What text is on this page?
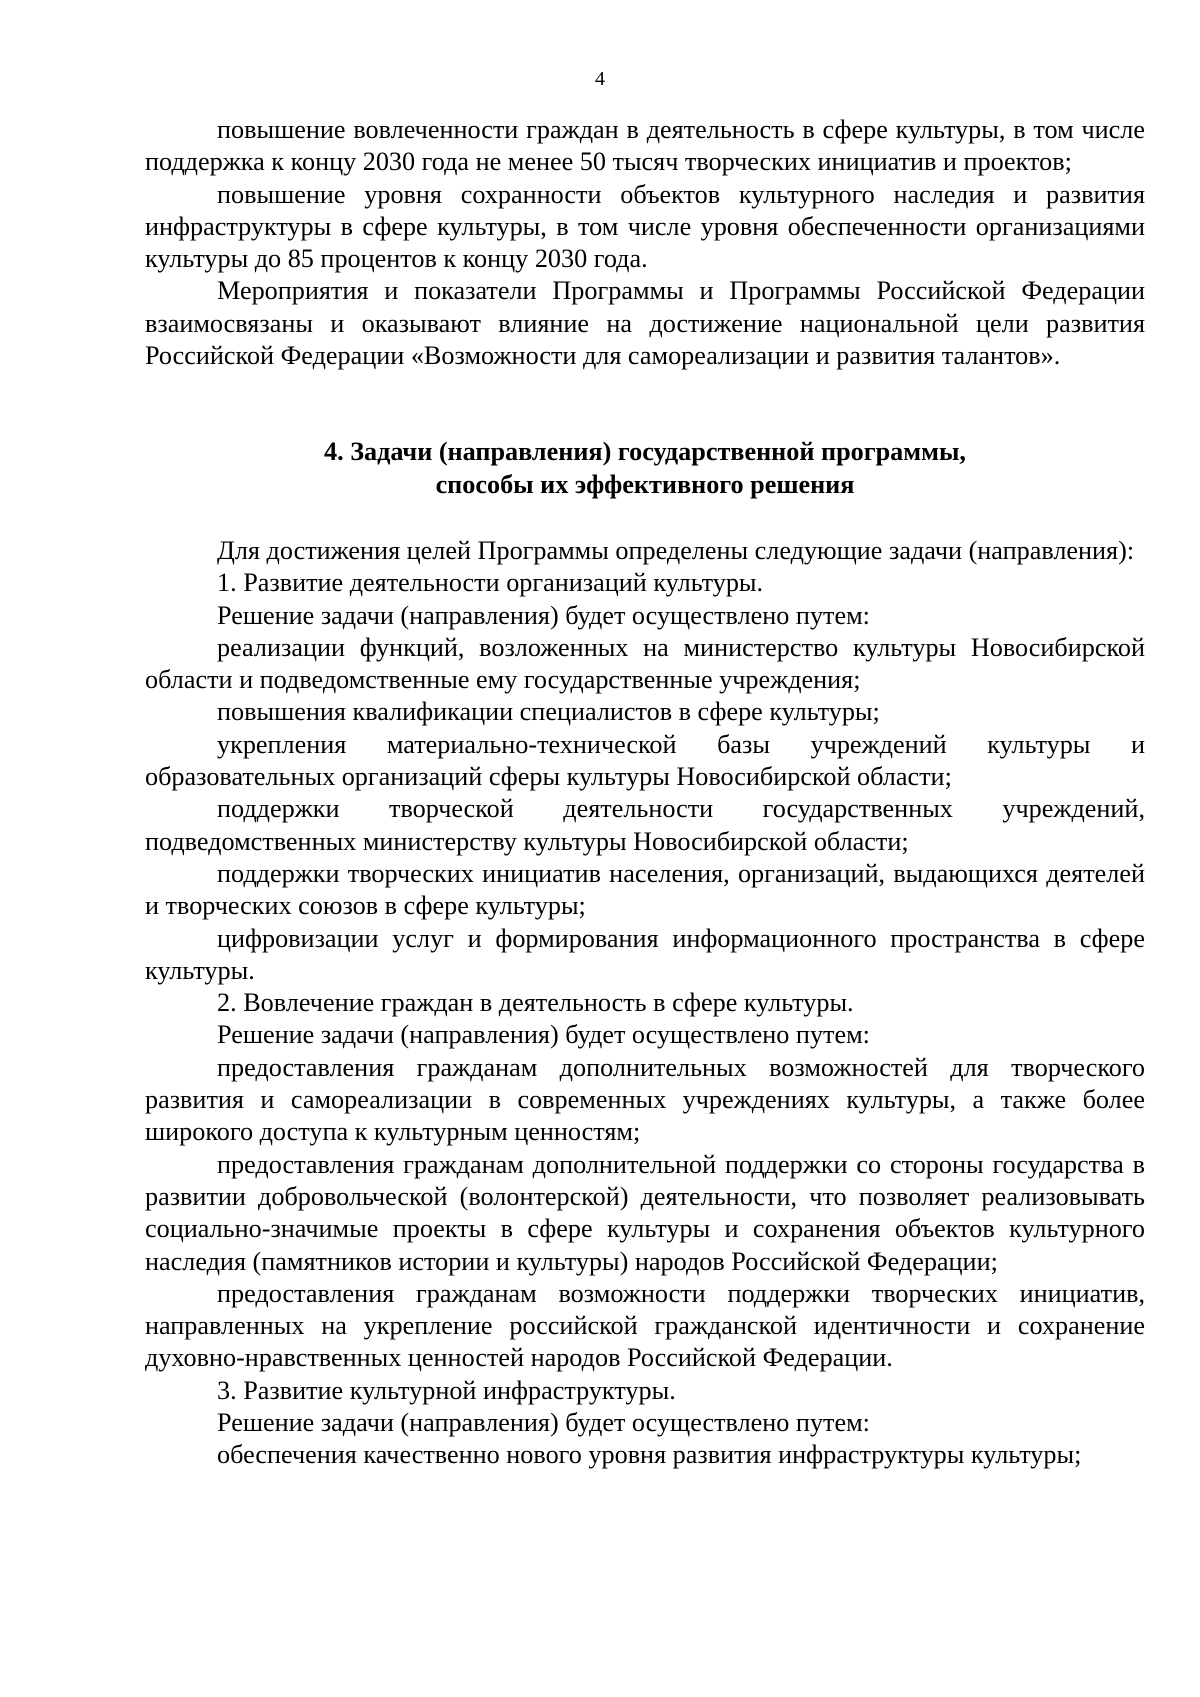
4

повышение вовлеченности граждан в деятельность в сфере культуры, в том числе поддержка к концу 2030 года не менее 50 тысяч творческих инициатив и проектов;

повышение уровня сохранности объектов культурного наследия и развития инфраструктуры в сфере культуры, в том числе уровня обеспеченности организациями культуры до 85 процентов к концу 2030 года.

Мероприятия и показатели Программы и Программы Российской Федерации взаимосвязаны и оказывают влияние на достижение национальной цели развития Российской Федерации «Возможности для самореализации и развития талантов».

4. Задачи (направления) государственной программы,

способы их эффективного решения

Для достижения целей Программы определены следующие задачи (направления):

1. Развитие деятельности организаций культуры.

Решение задачи (направления) будет осуществлено путем:

реализации функций, возложенных на министерство культуры Новосибирской области и подведомственные ему государственные учреждения;

повышения квалификации специалистов в сфере культуры;

укрепления материально-технической базы учреждений культуры и образовательных организаций сферы культуры Новосибирской области;

поддержки творческой деятельности государственных учреждений, подведомственных министерству культуры Новосибирской области;

поддержки творческих инициатив населения, организаций, выдающихся деятелей и творческих союзов в сфере культуры;

цифровизации услуг и формирования информационного пространства в сфере культуры.

2. Вовлечение граждан в деятельность в сфере культуры.

Решение задачи (направления) будет осуществлено путем:

предоставления гражданам дополнительных возможностей для творческого развития и самореализации в современных учреждениях культуры, а также более широкого доступа к культурным ценностям;

предоставления гражданам дополнительной поддержки со стороны государства в развитии добровольческой (волонтерской) деятельности, что позволяет реализовывать социально-значимые проекты в сфере культуры и сохранения объектов культурного наследия (памятников истории и культуры) народов Российской Федерации;

предоставления гражданам возможности поддержки творческих инициатив, направленных на укрепление российской гражданской идентичности и сохранение духовно-нравственных ценностей народов Российской Федерации.

3. Развитие культурной инфраструктуры.

Решение задачи (направления) будет осуществлено путем:

обеспечения качественно нового уровня развития инфраструктуры культуры;
